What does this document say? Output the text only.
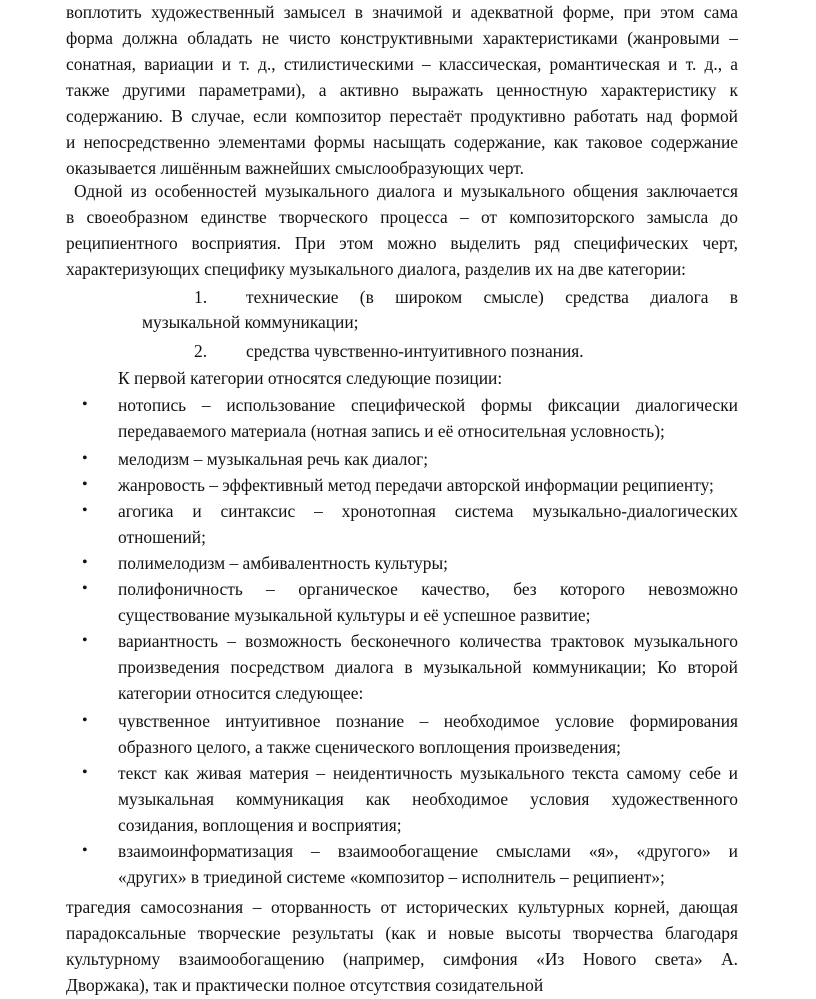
воплотить художественный замысел в значимой и адекватной форме, при этом сама
форма должна обладать не чисто конструктивными характеристиками (жанровыми –
сонатная, вариации и т. д., стилистическими – классическая, романтическая и т. д., а
также другими параметрами), а активно выражать ценностную характеристику к
содержанию. В случае, если композитор перестаёт продуктивно работать над формой
и непосредственно элементами формы насыщать содержание, как таковое содержание
оказывается лишённым важнейших смыслообразующих черт.
Одной из особенностей музыкального диалога и музыкального общения заключается
в своеобразном единстве творческого процесса – от композиторского замысла до
реципиентного восприятия. При этом можно выделить ряд специфических черт,
характеризующих специфику музыкального диалога, разделив их на две категории:
1. технические (в широком смысле) средства диалога в
музыкальной коммуникации;
2. средства чувственно-интуитивного познания.
К первой категории относятся следующие позиции:
•	нотопись – использование специфической формы фиксации диалогически
передаваемого материала (нотная запись и её относительная условность);
•	мелодизм – музыкальная речь как диалог;
•	жанровость – эффективный метод передачи авторской информации реципиенту;
•	агогика и синтаксис – хронотопная система музыкально-диалогических
отношений;
•	полимелодизм – амбивалентность культуры;
•	полифоничность – органическое качество, без которого невозможно
существование музыкальной культуры и её успешное развитие;
•	вариантность – возможность бесконечного количества трактовок музыкального
произведения посредством диалога в музыкальной коммуникации; Ко второй
категории относится следующее:
•	чувственное интуитивное познание – необходимое условие формирования
образного целого, а также сценического воплощения произведения;
•	текст как живая материя – неидентичность музыкального текста самому себе и
музыкальная коммуникация как необходимое условия художественного
созидания, воплощения и восприятия;
•	взаимоинформатизация – взаимообогащение смыслами «я», «другого» и
«других» в триединой системе «композитор – исполнитель – реципиент»;
трагедия самосознания – оторванность от исторических культурных корней, дающая
парадоксальные творческие результаты (как и новые высоты творчества благодаря
культурному взаимообогащению (например, симфония «Из Нового света» А.
Дворжака), так и практически полное отсутствия созидательной
